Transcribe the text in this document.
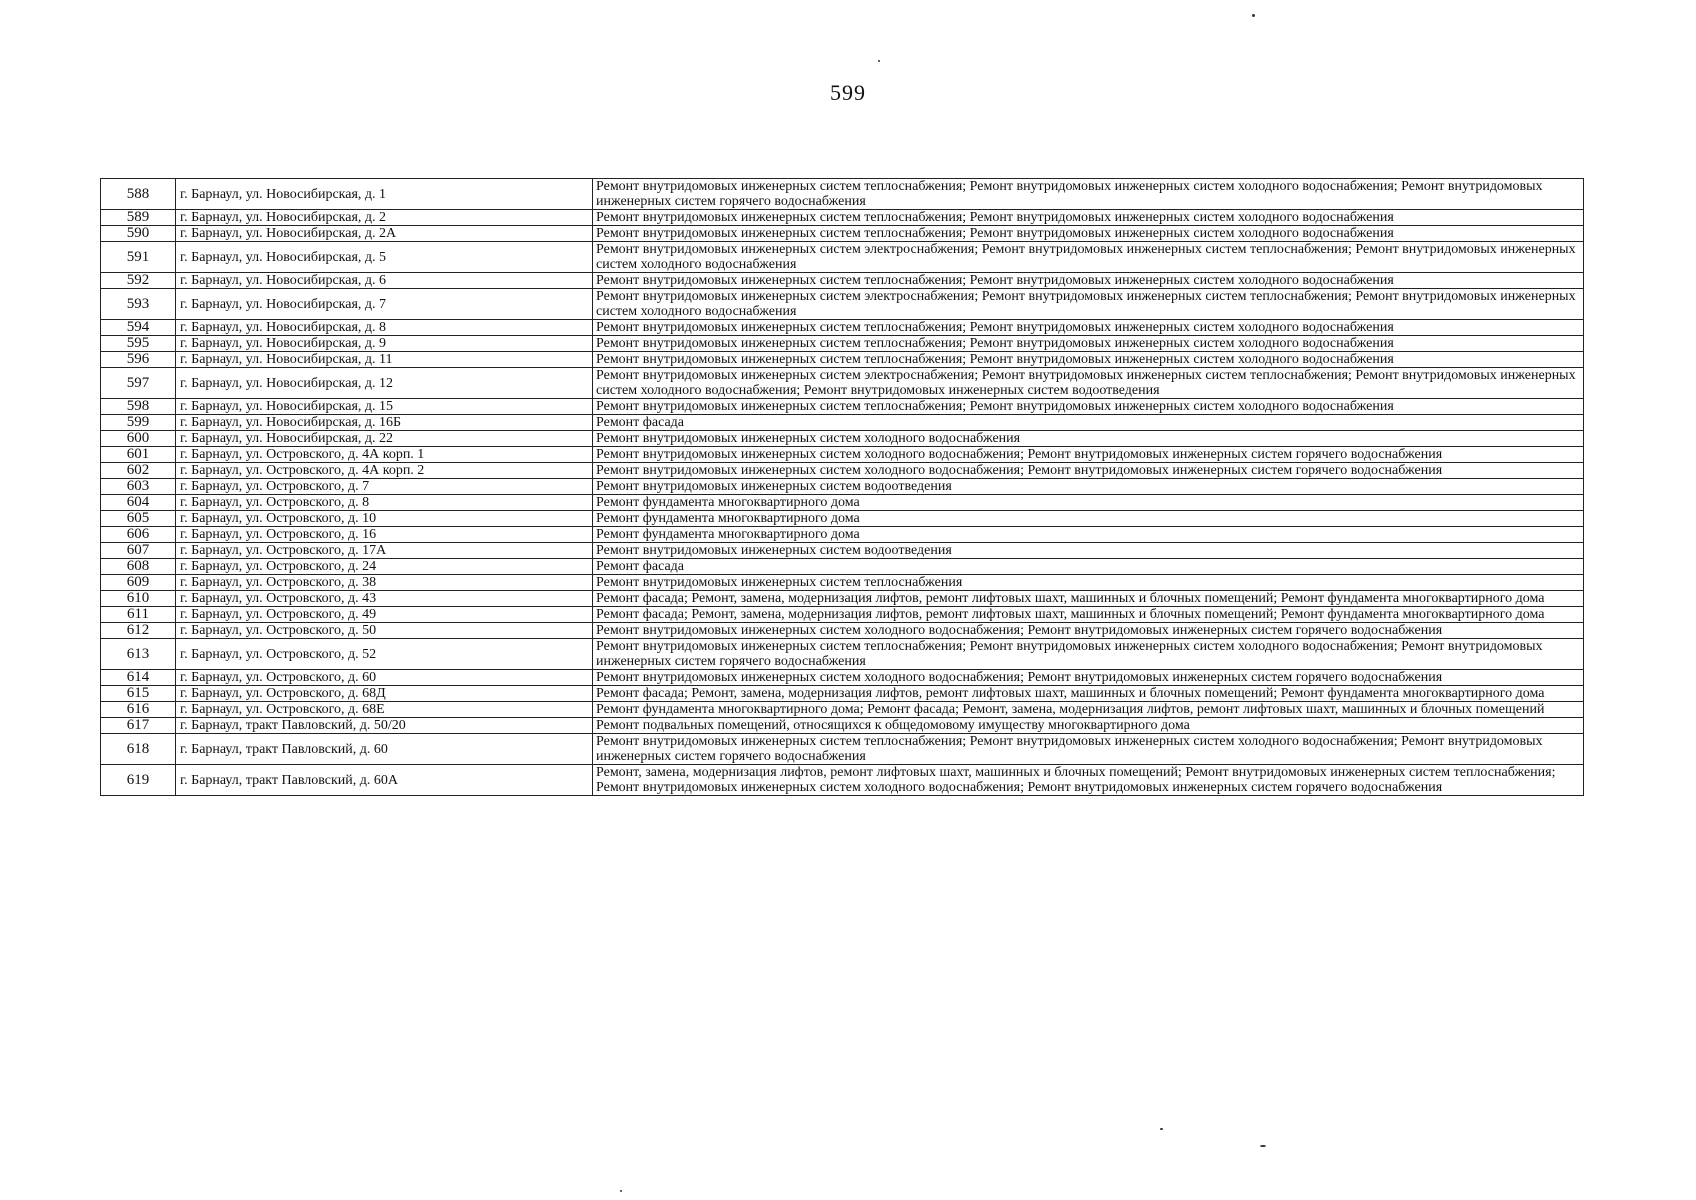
599
588	г. Барнаул, ул. Новосибирская, д. 1	Ремонт внутридомовых инженерных систем теплоснабжения; Ремонт внутридомовых инженерных систем холодного водоснабжения; Ремонт внутридомовых инженерных систем горячего водоснабжения
589	г. Барнаул, ул. Новосибирская, д. 2	Ремонт внутридомовых инженерных систем теплоснабжения; Ремонт внутридомовых инженерных систем холодного водоснабжения
590	г. Барнаул, ул. Новосибирская, д. 2А	Ремонт внутридомовых инженерных систем теплоснабжения; Ремонт внутридомовых инженерных систем холодного водоснабжения
591	г. Барнаул, ул. Новосибирская, д. 5	Ремонт внутридомовых инженерных систем электроснабжения; Ремонт внутридомовых инженерных систем теплоснабжения; Ремонт внутридомовых инженерных систем холодного водоснабжения
592	г. Барнаул, ул. Новосибирская, д. 6	Ремонт внутридомовых инженерных систем теплоснабжения; Ремонт внутридомовых инженерных систем холодного водоснабжения
593	г. Барнаул, ул. Новосибирская, д. 7	Ремонт внутридомовых инженерных систем электроснабжения; Ремонт внутридомовых инженерных систем теплоснабжения; Ремонт внутридомовых инженерных систем холодного водоснабжения
594	г. Барнаул, ул. Новосибирская, д. 8	Ремонт внутридомовых инженерных систем теплоснабжения; Ремонт внутридомовых инженерных систем холодного водоснабжения
595	г. Барнаул, ул. Новосибирская, д. 9	Ремонт внутридомовых инженерных систем теплоснабжения; Ремонт внутридомовых инженерных систем холодного водоснабжения
596	г. Барнаул, ул. Новосибирская, д. 11	Ремонт внутридомовых инженерных систем теплоснабжения; Ремонт внутридомовых инженерных систем холодного водоснабжения
597	г. Барнаул, ул. Новосибирская, д. 12	Ремонт внутридомовых инженерных систем электроснабжения; Ремонт внутридомовых инженерных систем теплоснабжения; Ремонт внутридомовых инженерных систем холодного водоснабжения; Ремонт внутридомовых инженерных систем водоотведения
598	г. Барнаул, ул. Новосибирская, д. 15	Ремонт внутридомовых инженерных систем теплоснабжения; Ремонт внутридомовых инженерных систем холодного водоснабжения
599	г. Барнаул, ул. Новосибирская, д. 16Б	Ремонт фасада
600	г. Барнаул, ул. Новосибирская, д. 22	Ремонт внутридомовых инженерных систем холодного водоснабжения
601	г. Барнаул, ул. Островского, д. 4А корп. 1	Ремонт внутридомовых инженерных систем холодного водоснабжения; Ремонт внутридомовых инженерных систем горячего водоснабжения
602	г. Барнаул, ул. Островского, д. 4А корп. 2	Ремонт внутридомовых инженерных систем холодного водоснабжения; Ремонт внутридомовых инженерных систем горячего водоснабжения
603	г. Барнаул, ул. Островского, д. 7	Ремонт внутридомовых инженерных систем водоотведения
604	г. Барнаул, ул. Островского, д. 8	Ремонт фундамента многоквартирного дома
605	г. Барнаул, ул. Островского, д. 10	Ремонт фундамента многоквартирного дома
606	г. Барнаул, ул. Островского, д. 16	Ремонт фундамента многоквартирного дома
607	г. Барнаул, ул. Островского, д. 17А	Ремонт внутридомовых инженерных систем водоотведения
608	г. Барнаул, ул. Островского, д. 24	Ремонт фасада
609	г. Барнаул, ул. Островского, д. 38	Ремонт внутридомовых инженерных систем теплоснабжения
610	г. Барнаул, ул. Островского, д. 43	Ремонт фасада; Ремонт, замена, модернизация лифтов, ремонт лифтовых шахт, машинных и блочных помещений; Ремонт фундамента многоквартирного дома
611	г. Барнаул, ул. Островского, д. 49	Ремонт фасада; Ремонт, замена, модернизация лифтов, ремонт лифтовых шахт, машинных и блочных помещений; Ремонт фундамента многоквартирного дома
612	г. Барнаул, ул. Островского, д. 50	Ремонт внутридомовых инженерных систем холодного водоснабжения; Ремонт внутридомовых инженерных систем горячего водоснабжения
613	г. Барнаул, ул. Островского, д. 52	Ремонт внутридомовых инженерных систем теплоснабжения; Ремонт внутридомовых инженерных систем холодного водоснабжения; Ремонт внутридомовых инженерных систем горячего водоснабжения
614	г. Барнаул, ул. Островского, д. 60	Ремонт внутридомовых инженерных систем холодного водоснабжения; Ремонт внутридомовых инженерных систем горячего водоснабжения
615	г. Барнаул, ул. Островского, д. 68Д	Ремонт фасада; Ремонт, замена, модернизация лифтов, ремонт лифтовых шахт, машинных и блочных помещений; Ремонт фундамента многоквартирного дома
616	г. Барнаул, ул. Островского, д. 68Е	Ремонт фундамента многоквартирного дома; Ремонт фасада; Ремонт, замена, модернизация лифтов, ремонт лифтовых шахт, машинных и блочных помещений
617	г. Барнаул, тракт Павловский, д. 50/20	Ремонт подвальных помещений, относящихся к общедомовому имуществу многоквартирного дома
618	г. Барнаул, тракт Павловский, д. 60	Ремонт внутридомовых инженерных систем теплоснабжения; Ремонт внутридомовых инженерных систем холодного водоснабжения; Ремонт внутридомовых инженерных систем горячего водоснабжения
619	г. Барнаул, тракт Павловский, д. 60А	Ремонт, замена, модернизация лифтов, ремонт лифтовых шахт, машинных и блочных помещений; Ремонт внутридомовых инженерных систем теплоснабжения; Ремонт внутридомовых инженерных систем холодного водоснабжения; Ремонт внутридомовых инженерных систем горячего водоснабжения
